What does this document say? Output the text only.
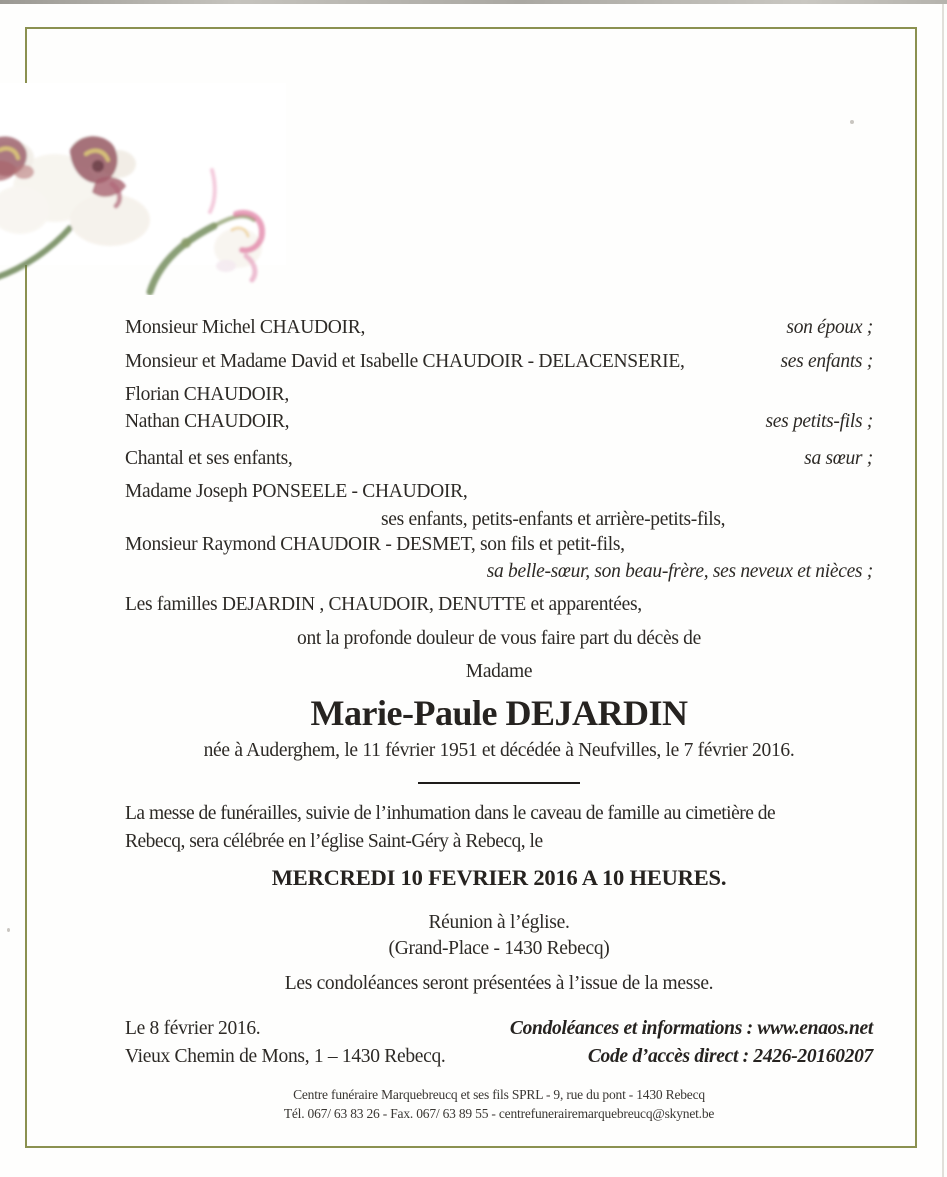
Monsieur Michel CHAUDOIR,	son époux ;
Monsieur et Madame David et Isabelle CHAUDOIR - DELACENSERIE,	ses enfants ;
Florian CHAUDOIR,
Nathan CHAUDOIR,	ses petits-fils ;
Chantal et ses enfants,	sa sœur ;
Madame Joseph PONSEELE - CHAUDOIR,
ses enfants, petits-enfants et arrière-petits-fils,
Monsieur Raymond CHAUDOIR - DESMET, son fils et petit-fils,
sa belle-sœur, son beau-frère, ses neveux et nièces ;
Les familles DEJARDIN , CHAUDOIR, DENUTTE et apparentées,
ont la profonde douleur de vous faire part du décès de
Madame
Marie-Paule DEJARDIN
née à Auderghem, le 11 février 1951 et décédée à Neufvilles, le 7 février 2016.
La messe de funérailles, suivie de l’inhumation dans le caveau de famille au cimetière de
Rebecq, sera célébrée en l’église Saint-Géry à Rebecq, le
MERCREDI 10 FEVRIER 2016 A 10 HEURES.
Réunion à l’église.
(Grand-Place - 1430 Rebecq)
Les condoléances seront présentées à l’issue de la messe.
Le 8 février 2016.	Condoléances et informations : www.enaos.net
Vieux Chemin de Mons, 1 – 1430 Rebecq.	Code d’accès direct : 2426-20160207
Centre funéraire Marquebreucq et ses fils SPRL - 9, rue du pont - 1430 Rebecq
Tél. 067/ 63 83 26 - Fax. 067/ 63 89 55 - centrefunerairemarquebreucq@skynet.be
